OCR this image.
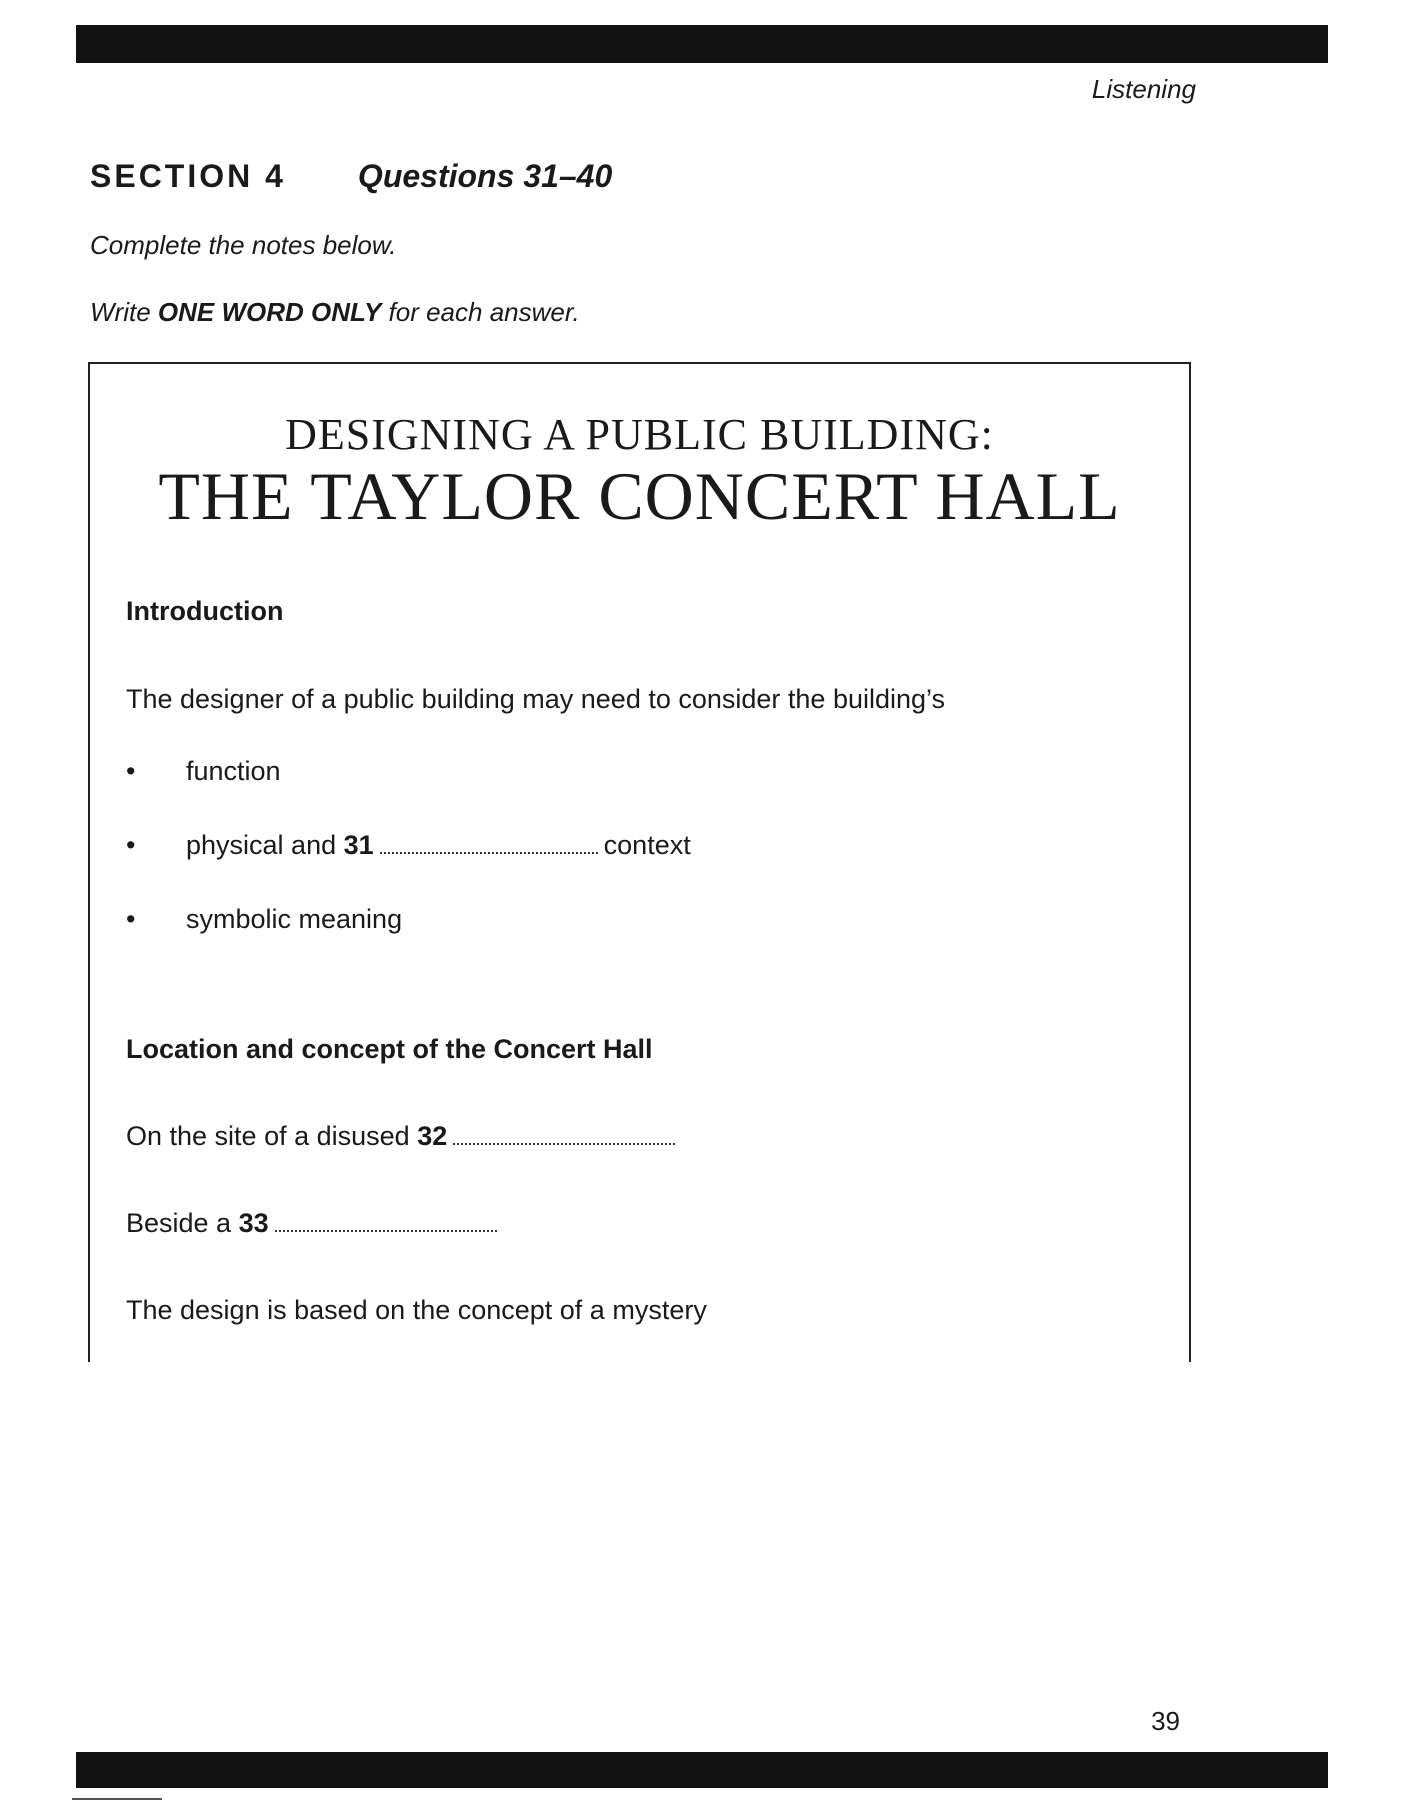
Listening
SECTION 4 Questions 31–40
Complete the notes below.
Write ONE WORD ONLY for each answer.
DESIGNING A PUBLIC BUILDING:
THE TAYLOR CONCERT HALL
Introduction
The designer of a public building may need to consider the building’s
• function
• physical and 31	context
• symbolic meaning
Location and concept of the Concert Hall
On the site of a disused 32
Beside a 33
The design is based on the concept of a mystery
39
